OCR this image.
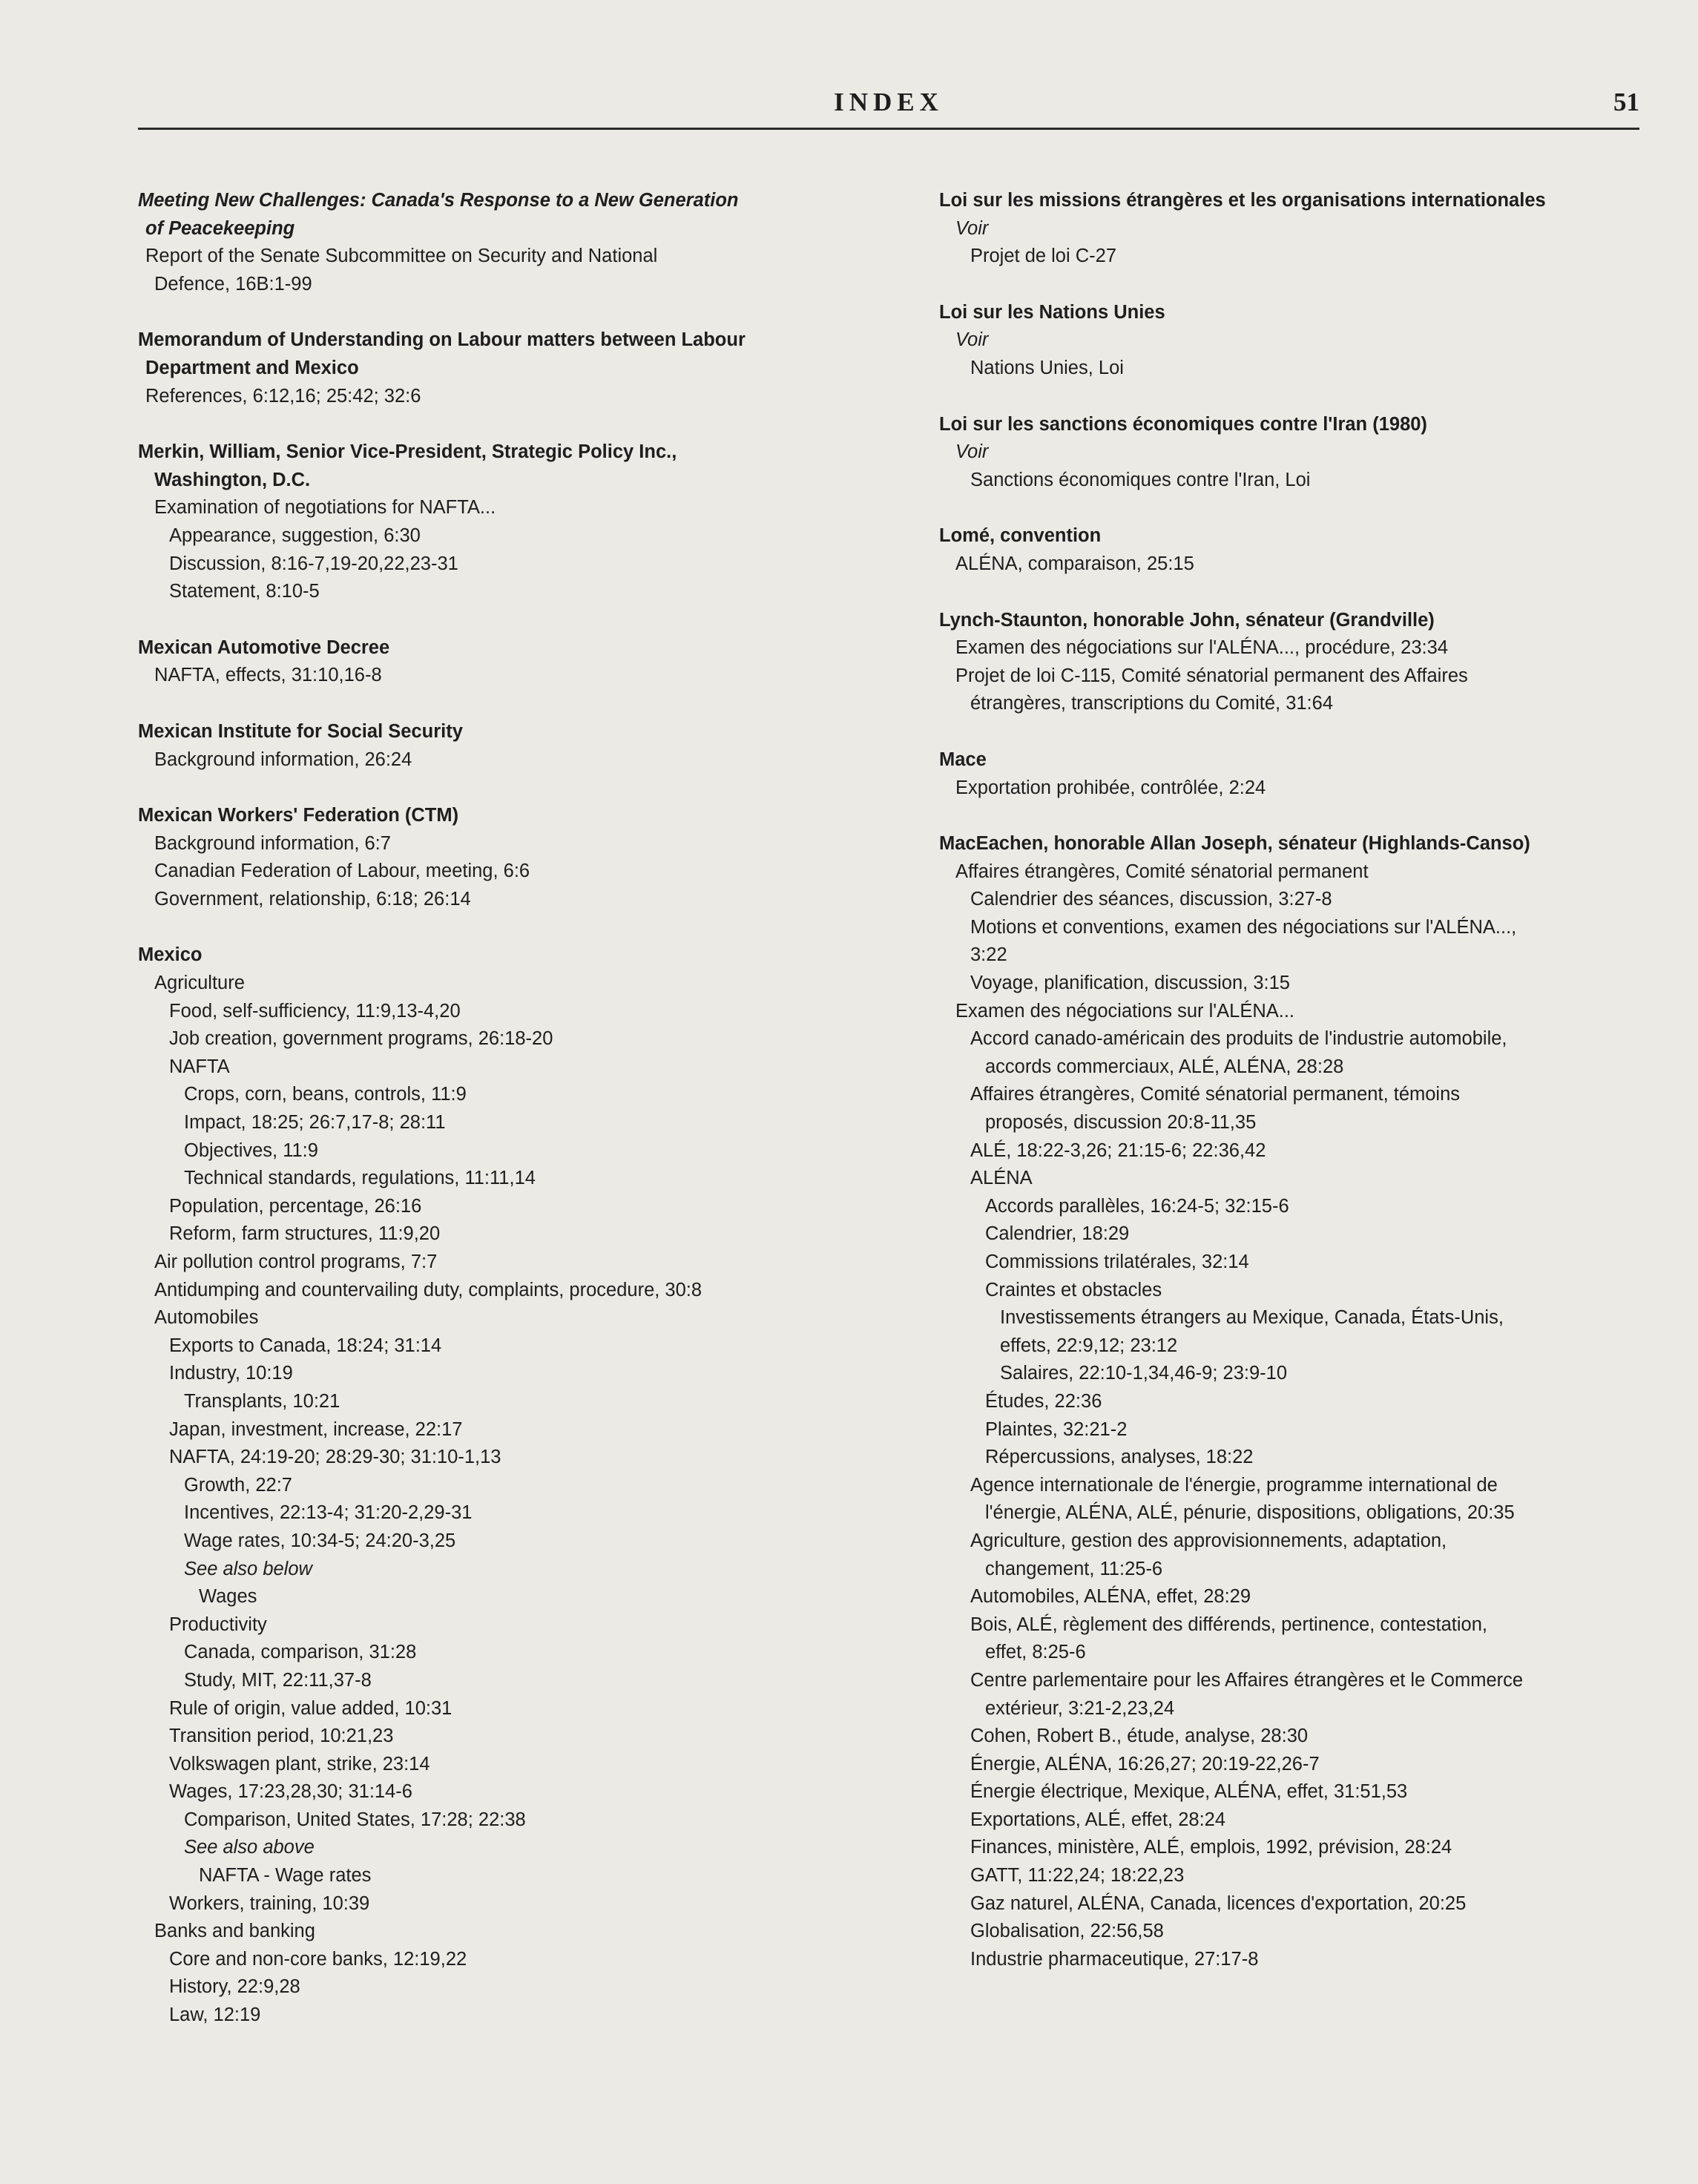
INDEX	51
Meeting New Challenges: Canada's Response to a New Generation
of Peacekeeping
Report of the Senate Subcommittee on Security and National
Defence, 16B:1-99
Memorandum of Understanding on Labour matters between Labour
Department and Mexico
References, 6:12,16; 25:42; 32:6
Merkin, William, Senior Vice-President, Strategic Policy Inc.,
Washington, D.C.
Examination of negotiations for NAFTA...
Appearance, suggestion, 6:30
Discussion, 8:16-7,19-20,22,23-31
Statement, 8:10-5
Mexican Automotive Decree
NAFTA, effects, 31:10,16-8
Mexican Institute for Social Security
Background information, 26:24
Mexican Workers' Federation (CTM)
Background information, 6:7
Canadian Federation of Labour, meeting, 6:6
Government, relationship, 6:18; 26:14
Mexico
Agriculture
Food, self-sufficiency, 11:9,13-4,20
Job creation, government programs, 26:18-20
NAFTA
Crops, corn, beans, controls, 11:9
Impact, 18:25; 26:7,17-8; 28:11
Objectives, 11:9
Technical standards, regulations, 11:11,14
Population, percentage, 26:16
Reform, farm structures, 11:9,20
Air pollution control programs, 7:7
Antidumping and countervailing duty, complaints, procedure, 30:8
Automobiles
Exports to Canada, 18:24; 31:14
Industry, 10:19
Transplants, 10:21
Japan, investment, increase, 22:17
NAFTA, 24:19-20; 28:29-30; 31:10-1,13
Growth, 22:7
Incentives, 22:13-4; 31:20-2,29-31
Wage rates, 10:34-5; 24:20-3,25
See also below
Wages
Productivity
Canada, comparison, 31:28
Study, MIT, 22:11,37-8
Rule of origin, value added, 10:31
Transition period, 10:21,23
Volkswagen plant, strike, 23:14
Wages, 17:23,28,30; 31:14-6
Comparison, United States, 17:28; 22:38
See also above
NAFTA - Wage rates
Workers, training, 10:39
Banks and banking
Core and non-core banks, 12:19,22
History, 22:9,28
Law, 12:19
Loi sur les missions étrangères et les organisations internationales
Voir
Projet de loi C-27
Loi sur les Nations Unies
Voir
Nations Unies, Loi
Loi sur les sanctions économiques contre l'Iran (1980)
Voir
Sanctions économiques contre l'Iran, Loi
Lomé, convention
ALÉNA, comparaison, 25:15
Lynch-Staunton, honorable John, sénateur (Grandville)
Examen des négociations sur l'ALÉNA..., procédure, 23:34
Projet de loi C-115, Comité sénatorial permanent des Affaires
étrangères, transcriptions du Comité, 31:64
Mace
Exportation prohibée, contrôlée, 2:24
MacEachen, honorable Allan Joseph, sénateur (Highlands-Canso)
Affaires étrangères, Comité sénatorial permanent
Calendrier des séances, discussion, 3:27-8
Motions et conventions, examen des négociations sur l'ALÉNA...,
3:22
Voyage, planification, discussion, 3:15
Examen des négociations sur l'ALÉNA...
Accord canado-américain des produits de l'industrie automobile,
accords commerciaux, ALÉ, ALÉNA, 28:28
Affaires étrangères, Comité sénatorial permanent, témoins
proposés, discussion 20:8-11,35
ALÉ, 18:22-3,26; 21:15-6; 22:36,42
ALÉNA
Accords parallèles, 16:24-5; 32:15-6
Calendrier, 18:29
Commissions trilatérales, 32:14
Craintes et obstacles
Investissements étrangers au Mexique, Canada, États-Unis,
effets, 22:9,12; 23:12
Salaires, 22:10-1,34,46-9; 23:9-10
Études, 22:36
Plaintes, 32:21-2
Répercussions, analyses, 18:22
Agence internationale de l'énergie, programme international de
l'énergie, ALÉNA, ALÉ, pénurie, dispositions, obligations, 20:35
Agriculture, gestion des approvisionnements, adaptation,
changement, 11:25-6
Automobiles, ALÉNA, effet, 28:29
Bois, ALÉ, règlement des différends, pertinence, contestation,
effet, 8:25-6
Centre parlementaire pour les Affaires étrangères et le Commerce
extérieur, 3:21-2,23,24
Cohen, Robert B., étude, analyse, 28:30
Énergie, ALÉNA, 16:26,27; 20:19-22,26-7
Énergie électrique, Mexique, ALÉNA, effet, 31:51,53
Exportations, ALÉ, effet, 28:24
Finances, ministère, ALÉ, emplois, 1992, prévision, 28:24
GATT, 11:22,24; 18:22,23
Gaz naturel, ALÉNA, Canada, licences d'exportation, 20:25
Globalisation, 22:56,58
Industrie pharmaceutique, 27:17-8
